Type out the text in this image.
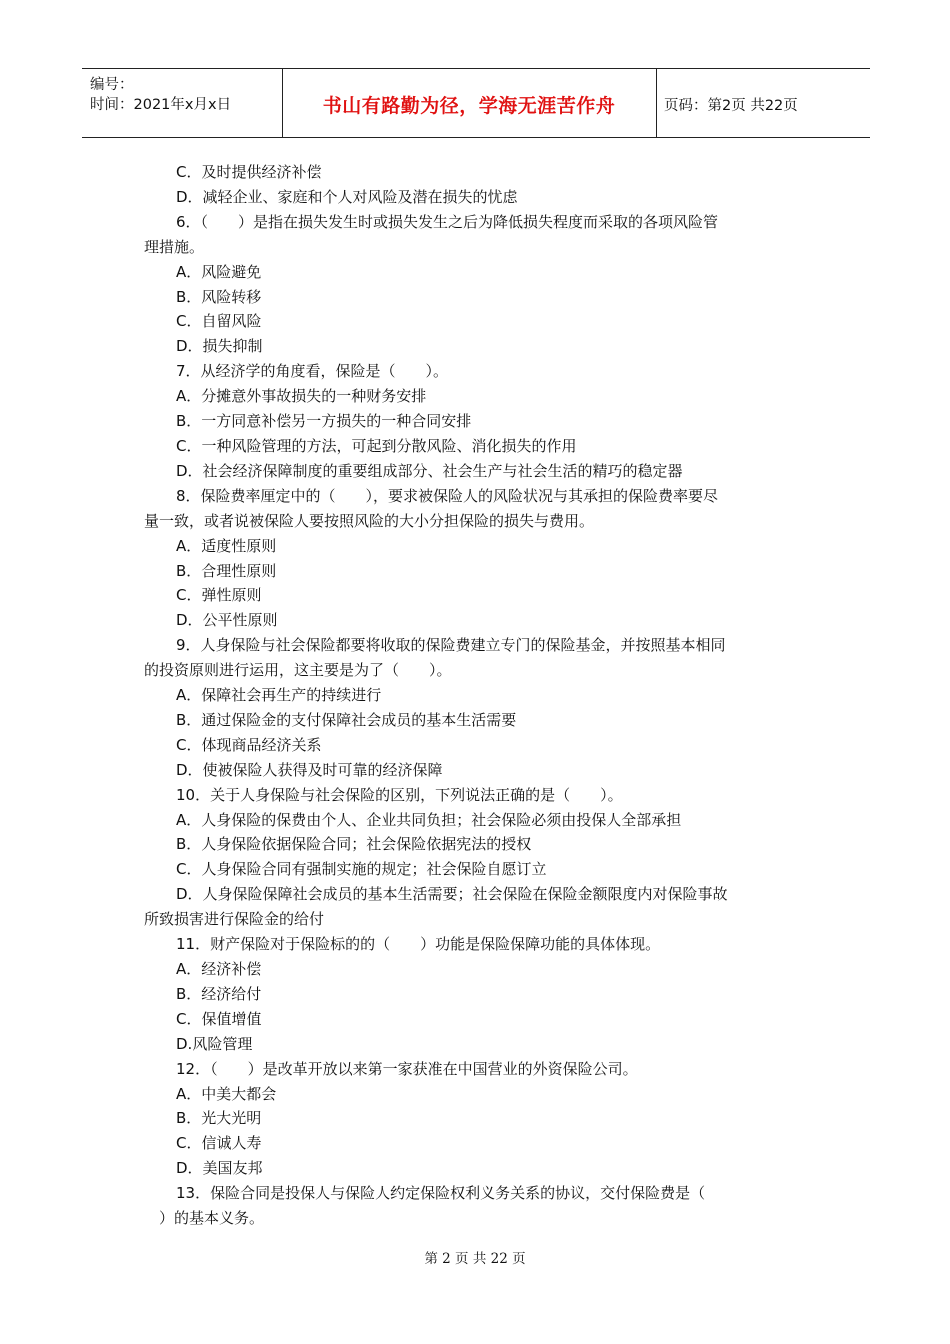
编号：
时间：2021年x月x日	书山有路勤为径，学海无涯苦作舟	页码：第2页 共22页
C．及时提供经济补偿
D．减轻企业、家庭和个人对风险及潜在损失的忧虑
6．（　　）是指在损失发生时或损失发生之后为降低损失程度而采取的各项风险管
理措施。
A．风险避免
B．风险转移
C．自留风险
D．损失抑制
7．从经济学的角度看，保险是（　　）。
A．分摊意外事故损失的一种财务安排
B．一方同意补偿另一方损失的一种合同安排
C．一种风险管理的方法，可起到分散风险、消化损失的作用
D．社会经济保障制度的重要组成部分、社会生产与社会生活的精巧的稳定器
8．保险费率厘定中的（　　），要求被保险人的风险状况与其承担的保险费率要尽
量一致，或者说被保险人要按照风险的大小分担保险的损失与费用。
A．适度性原则
B．合理性原则
C．弹性原则
D．公平性原则
9．人身保险与社会保险都要将收取的保险费建立专门的保险基金，并按照基本相同
的投资原则进行运用，这主要是为了（　　）。
A．保障社会再生产的持续进行
B．通过保险金的支付保障社会成员的基本生活需要
C．体现商品经济关系
D．使被保险人获得及时可靠的经济保障
10．关于人身保险与社会保险的区别，下列说法正确的是（　　）。
A．人身保险的保费由个人、企业共同负担；社会保险必须由投保人全部承担
B．人身保险依据保险合同；社会保险依据宪法的授权
C．人身保险合同有强制实施的规定；社会保险自愿订立
D．人身保险保障社会成员的基本生活需要；社会保险在保险金额限度内对保险事故
所致损害进行保险金的给付
11．财产保险对于保险标的的（　　）功能是保险保障功能的具体体现。
A．经济补偿
B．经济给付
C．保值增值
D.风险管理
12．（　　）是改革开放以来第一家获准在中国营业的外资保险公司。
A．中美大都会
B．光大光明
C．信诚人寿
D．美国友邦
13．保险合同是投保人与保险人约定保险权利义务关系的协议，交付保险费是（
　）的基本义务。
第 2 页 共 22 页
